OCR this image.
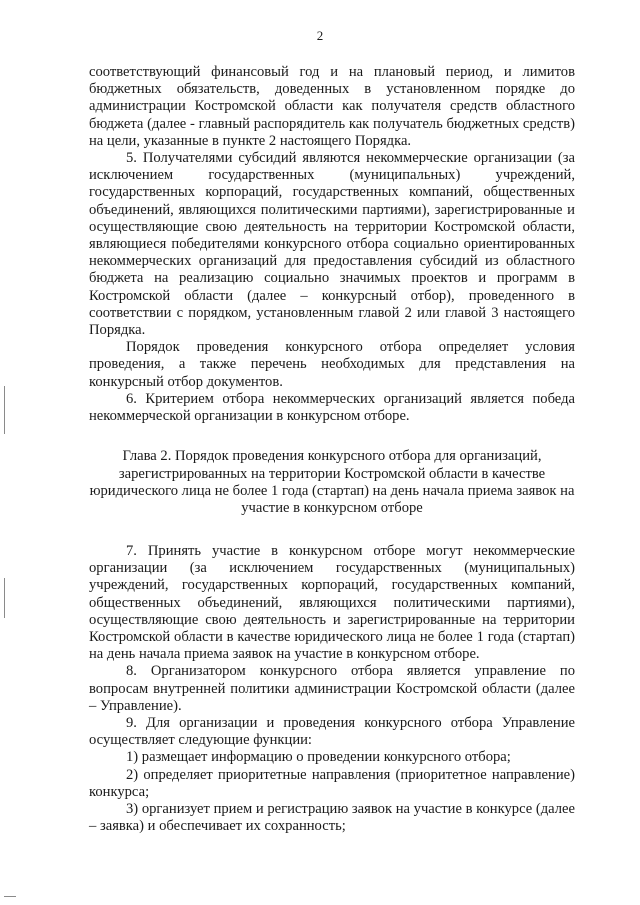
2

соответствующий финансовый год и на плановый период, и лимитов бюджетных обязательств, доведенных в установленном порядке до администрации Костромской области как получателя средств областного бюджета (далее - главный распорядитель как получатель бюджетных средств) на цели, указанные в пункте 2 настоящего Порядка.

5. Получателями субсидий являются некоммерческие организации (за исключением государственных (муниципальных) учреждений, государственных корпораций, государственных компаний, общественных объединений, являющихся политическими партиями), зарегистрированные и осуществляющие свою деятельность на территории Костромской области, являющиеся победителями конкурсного отбора социально ориентированных некоммерческих организаций для предоставления субсидий из областного бюджета на реализацию социально значимых проектов и программ в Костромской области (далее – конкурсный отбор), проведенного в соответствии с порядком, установленным главой 2 или главой 3 настоящего Порядка.

Порядок проведения конкурсного отбора определяет условия проведения, а также перечень необходимых для представления на конкурсный отбор документов.

6. Критерием отбора некоммерческих организаций является победа некоммерческой организации в конкурсном отборе.

Глава 2. Порядок проведения конкурсного отбора для организаций, зарегистрированных на территории Костромской области в качестве юридического лица не более 1 года (стартап) на день начала приема заявок на участие в конкурсном отборе

7. Принять участие в конкурсном отборе могут некоммерческие организации (за исключением государственных (муниципальных) учреждений, государственных корпораций, государственных компаний, общественных объединений, являющихся политическими партиями), осуществляющие свою деятельность и зарегистрированные на территории Костромской области в качестве юридического лица не более 1 года (стартап) на день начала приема заявок на участие в конкурсном отборе.

8. Организатором конкурсного отбора является управление по вопросам внутренней политики администрации Костромской области (далее – Управление).

9. Для организации и проведения конкурсного отбора Управление осуществляет следующие функции:

1) размещает информацию о проведении конкурсного отбора;

2) определяет приоритетные направления (приоритетное направление) конкурса;

3) организует прием и регистрацию заявок на участие в конкурсе (далее – заявка) и обеспечивает их сохранность;
